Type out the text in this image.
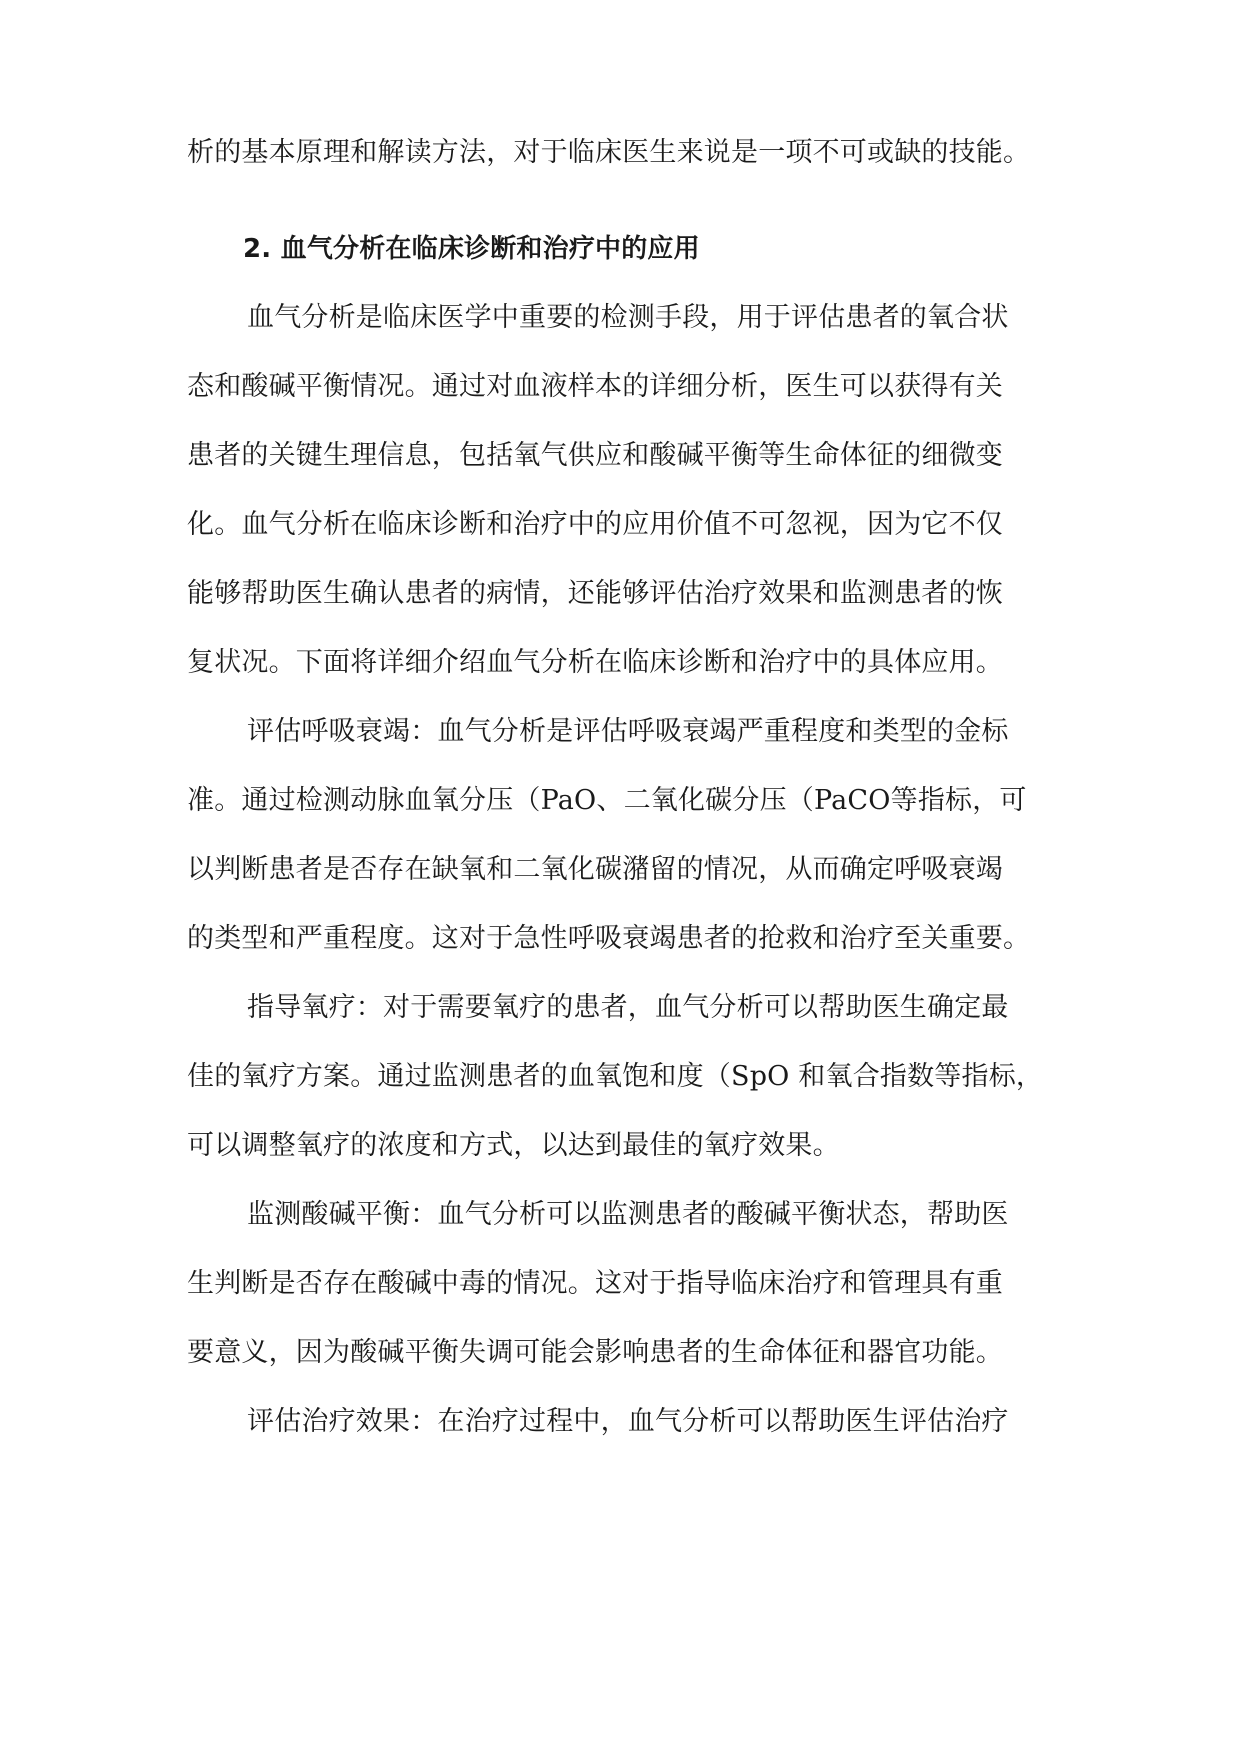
析的基本原理和解读方法，对于临床医生来说是一项不可或缺的技能。
2. 血气分析在临床诊断和治疗中的应用
血气分析是临床医学中重要的检测手段，用于评估患者的氧合状
态和酸碱平衡情况。通过对血液样本的详细分析，医生可以获得有关
患者的关键生理信息，包括氧气供应和酸碱平衡等生命体征的细微变
化。血气分析在临床诊断和治疗中的应用价值不可忽视，因为它不仅
能够帮助医生确认患者的病情，还能够评估治疗效果和监测患者的恢
复状况。下面将详细介绍血气分析在临床诊断和治疗中的具体应用。
评估呼吸衰竭：血气分析是评估呼吸衰竭严重程度和类型的金标
准。通过检测动脉血氧分压（PaO、二氧化碳分压（PaCO等指标，可
以判断患者是否存在缺氧和二氧化碳潴留的情况，从而确定呼吸衰竭
的类型和严重程度。这对于急性呼吸衰竭患者的抢救和治疗至关重要。
指导氧疗：对于需要氧疗的患者，血气分析可以帮助医生确定最
佳的氧疗方案。通过监测患者的血氧饱和度（SpO 和氧合指数等指标，
可以调整氧疗的浓度和方式，以达到最佳的氧疗效果。
监测酸碱平衡：血气分析可以监测患者的酸碱平衡状态，帮助医
生判断是否存在酸碱中毒的情况。这对于指导临床治疗和管理具有重
要意义，因为酸碱平衡失调可能会影响患者的生命体征和器官功能。
评估治疗效果：在治疗过程中，血气分析可以帮助医生评估治疗
